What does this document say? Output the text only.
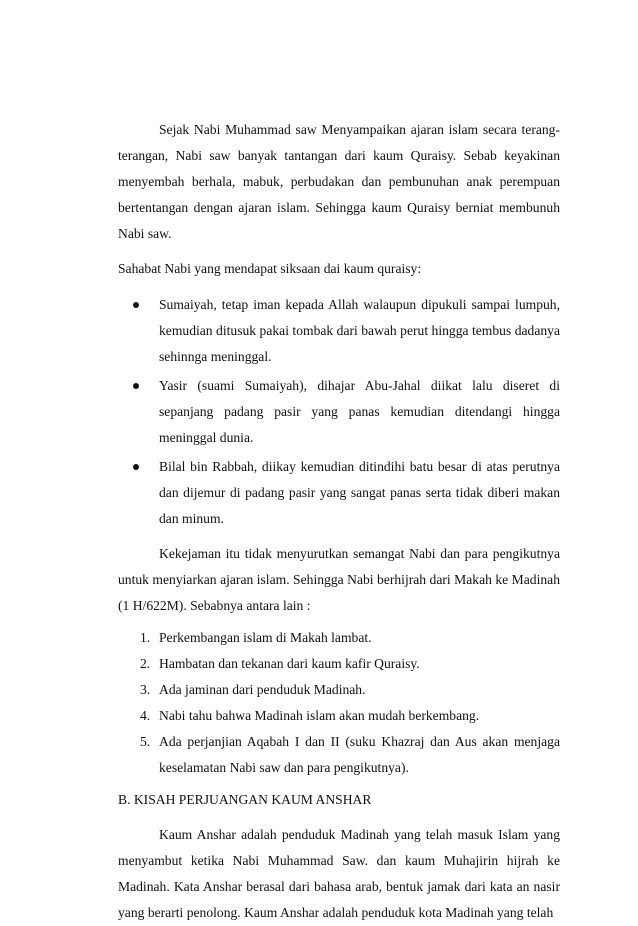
Sejak Nabi Muhammad saw Menyampaikan ajaran islam secara terang-terangan, Nabi saw banyak tantangan dari kaum Quraisy. Sebab keyakinan menyembah berhala, mabuk, perbudakan dan pembunuhan anak perempuan bertentangan dengan ajaran islam. Sehingga kaum Quraisy berniat membunuh Nabi saw.

Sahabat Nabi yang mendapat siksaan dai kaum quraisy:

Sumaiyah, tetap iman kepada Allah walaupun dipukuli sampai lumpuh, kemudian ditusuk pakai tombak dari bawah perut hingga tembus dadanya sehinnga meninggal.
Yasir (suami Sumaiyah), dihajar Abu-Jahal diikat lalu diseret di sepanjang padang pasir yang panas kemudian ditendangi hingga meninggal dunia.
Bilal bin Rabbah, diikay kemudian ditindihi batu besar di atas perutnya dan dijemur di padang pasir yang sangat panas serta tidak diberi makan dan minum.

Kekejaman itu tidak menyurutkan semangat Nabi dan para pengikutnya untuk menyiarkan ajaran islam. Sehingga Nabi berhijrah dari Makah ke Madinah (1 H/622M). Sebabnya antara lain :

1. Perkembangan islam di Makah lambat.
2. Hambatan dan tekanan dari kaum kafir Quraisy.
3. Ada jaminan dari penduduk Madinah.
4. Nabi tahu bahwa Madinah islam akan mudah berkembang.
5. Ada perjanjian Aqabah I dan II (suku Khazraj dan Aus akan menjaga keselamatan Nabi saw dan para pengikutnya).

B. KISAH PERJUANGAN KAUM ANSHAR

Kaum Anshar adalah penduduk Madinah yang telah masuk Islam yang menyambut ketika Nabi Muhammad Saw. dan kaum Muhajirin hijrah ke Madinah. Kata Anshar berasal dari bahasa arab, bentuk jamak dari kata an nasir yang berarti penolong. Kaum Anshar adalah penduduk kota Madinah yang telah
